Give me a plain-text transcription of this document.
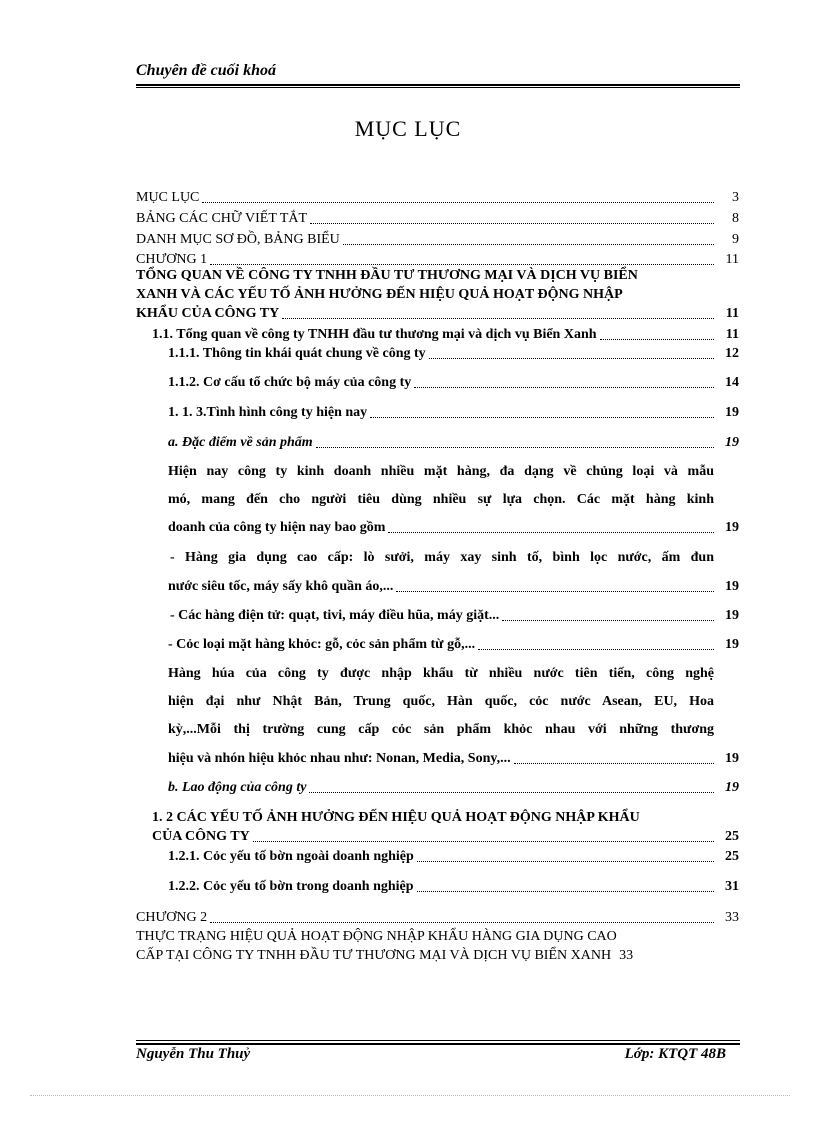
Chuyên đề cuối khoá
MỤC LỤC
MỤC LỤC	3
BẢNG CÁC CHỮ VIẾT TẮT	8
DANH MỤC SƠ ĐỒ, BẢNG BIỂU	9
CHƯƠNG 1	11
TỔNG QUAN VỀ CÔNG TY TNHH ĐẦU TƯ THƯƠNG MẠI VÀ DỊCH VỤ BIỂN
XANH VÀ CÁC YẾU TỐ ẢNH HƯỞNG ĐẾN HIỆU QUẢ HOẠT ĐỘNG NHẬP
KHẨU CỦA CÔNG TY	11
1.1. Tổng quan về công ty TNHH đầu tư thương mại và dịch vụ Biển Xanh	11
1.1.1. Thông tin khái quát chung về công ty	12
1.1.2. Cơ cấu tổ chức bộ máy của công ty	14
1. 1. 3.Tình hình công ty hiện nay	19
a. Đặc điểm về sản phẩm	19
Hiện nay công ty kinh doanh nhiều mặt hàng, đa dạng về chủng loại và mẫu
mó, mang đến cho người tiêu dùng nhiều sự lựa chọn. Các mặt hàng kinh
doanh của công ty hiện nay bao gồm	19
- Hàng gia dụng cao cấp: lò sưởi, máy xay sinh tố, bình lọc nước, ấm đun
nước siêu tốc, máy sấy khô quần áo,...	19
- Các hàng điện tử: quạt, tivi, máy điều hũa, máy giặt...	19
- Cỏc loại mặt hàng khỏc: gỗ, cỏc sản phẩm từ gỗ,...	19
Hàng húa của công ty được nhập khẩu từ nhiều nước tiên tiến, công nghệ
hiện đại như Nhật Bản, Trung quốc, Hàn quốc, cỏc nước Asean, EU, Hoa
kỳ,...Mỗi thị trường cung cấp cỏc sản phẩm khỏc nhau với những thương
hiệu và nhón hiệu khỏc nhau như: Nonan, Media, Sony,...	19
b. Lao động của công ty	19
1. 2 CÁC YẾU TỐ ẢNH HƯỞNG ĐẾN HIỆU QUẢ HOẠT ĐỘNG NHẬP KHẨU
CỦA CÔNG TY	25
1.2.1. Cỏc yếu tố bờn ngoài doanh nghiệp	25
1.2.2. Cỏc yếu tố bờn trong doanh nghiệp	31
CHƯƠNG 2	33
THỰC TRẠNG HIỆU QUẢ HOẠT ĐỘNG NHẬP KHẨU HÀNG GIA DỤNG CAO
CẤP TẠI CÔNG TY TNHH ĐẦU TƯ THƯƠNG MẠI VÀ DỊCH VỤ BIỂN XANH 33
Nguyễn Thu Thuỷ	Lớp: KTQT 48B
